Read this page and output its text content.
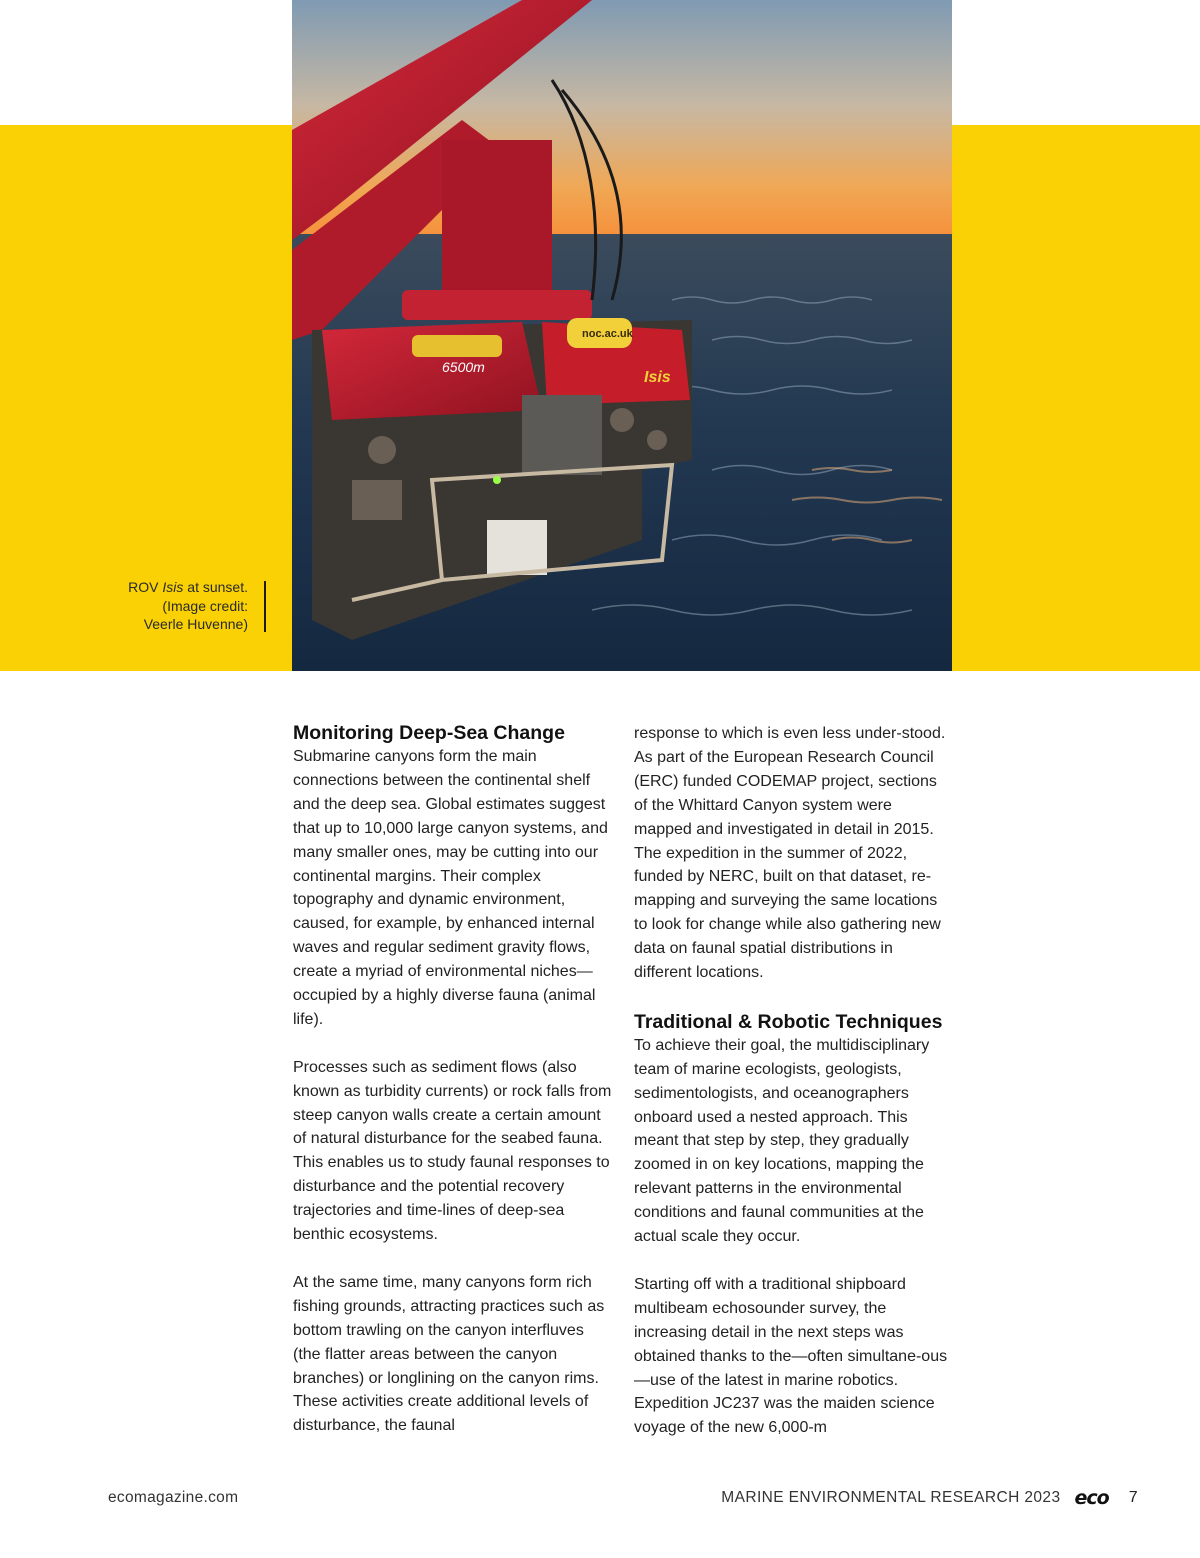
6500m
Isis
noc.ac.uk
ROV Isis at sunset.
(Image credit:
Veerle Huvenne)
Monitoring Deep-Sea Change

Submarine canyons form the main connections between the continental shelf and the deep sea. Global estimates suggest that up to 10,000 large canyon systems, and many smaller ones, may be cutting into our continental margins. Their complex topography and dynamic environment, caused, for example, by enhanced internal waves and regular sediment gravity flows, create a myriad of environmental niches—occupied by a highly diverse fauna (animal life).

Processes such as sediment flows (also known as turbidity currents) or rock falls from steep canyon walls create a certain amount of natural disturbance for the seabed fauna. This enables us to study faunal responses to disturbance and the potential recovery trajectories and time-lines of deep-sea benthic ecosystems.

At the same time, many canyons form rich fishing grounds, attracting practices such as bottom trawling on the canyon interfluves (the flatter areas between the canyon branches) or longlining on the canyon rims. These activities create additional levels of disturbance, the faunal

response to which is even less under-stood. As part of the European Research Council (ERC) funded CODEMAP project, sections of the Whittard Canyon system were mapped and investigated in detail in 2015. The expedition in the summer of 2022, funded by NERC, built on that dataset, re-mapping and surveying the same locations to look for change while also gathering new data on faunal spatial distributions in different locations.

Traditional & Robotic Techniques

To achieve their goal, the multidisciplinary team of marine ecologists, geologists, sedimentologists, and oceanographers onboard used a nested approach. This meant that step by step, they gradually zoomed in on key locations, mapping the relevant patterns in the environmental conditions and faunal communities at the actual scale they occur.

Starting off with a traditional shipboard multibeam echosounder survey, the increasing detail in the next steps was obtained thanks to the—often simultane-ous—use of the latest in marine robotics. Expedition JC237 was the maiden science voyage of the new 6,000-m

ecomagazine.com	MARINE ENVIRONMENTAL RESEARCH 2023 eco 7
